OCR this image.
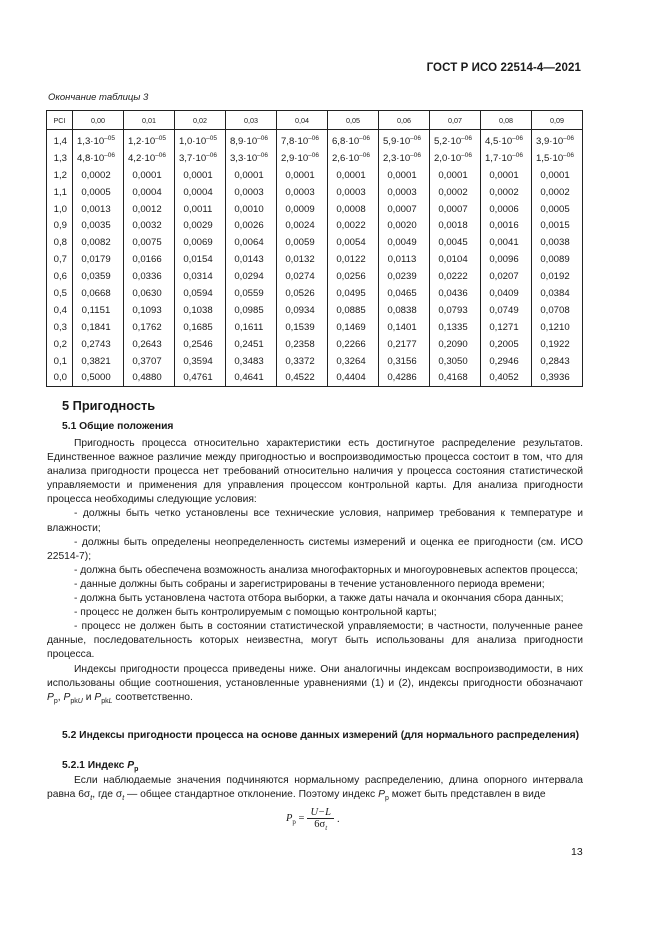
ГОСТ Р ИСО 22514-4—2021
Окончание таблицы 3
PCI	0,00	0,01	0,02	0,03	0,04	0,05	0,06	0,07	0,08	0,09
1,4	$1,3\cdot 10^{-05}$	$1,2\cdot 10^{-05}$	$1,0\cdot 10^{-05}$	$8,9\cdot 10^{-06}$	$7,8\cdot 10^{-06}$	$6,8\cdot 10^{-06}$	$5,9\cdot 10^{-06}$	$5,2\cdot 10^{-06}$	$4,5\cdot 10^{-06}$	$3,9\cdot 10^{-06}$
1,3	$4,8\cdot 10^{-06}$	$4,2\cdot 10^{-06}$	$3,7\cdot 10^{-06}$	$3,3\cdot 10^{-06}$	$2,9\cdot 10^{-06}$	$2,6\cdot 10^{-06}$	$2,3\cdot 10^{-06}$	$2,0\cdot 10^{-06}$	$1,7\cdot 10^{-06}$	$1,5\cdot 10^{-06}$
1,2	0,0002	0,0001	0,0001	0,0001	0,0001	0,0001	0,0001	0,0001	0,0001	0,0001
1,1	0,0005	0,0004	0,0004	0,0003	0,0003	0,0003	0,0003	0,0002	0,0002	0,0002
1,0	0,0013	0,0012	0,0011	0,0010	0,0009	0,0008	0,0007	0,0007	0,0006	0,0005
0,9	0,0035	0,0032	0,0029	0,0026	0,0024	0,0022	0,0020	0,0018	0,0016	0,0015
0,8	0,0082	0,0075	0,0069	0,0064	0,0059	0,0054	0,0049	0,0045	0,0041	0,0038
0,7	0,0179	0,0166	0,0154	0,0143	0,0132	0,0122	0,0113	0,0104	0,0096	0,0089
0,6	0,0359	0,0336	0,0314	0,0294	0,0274	0,0256	0,0239	0,0222	0,0207	0,0192
0,5	0,0668	0,0630	0,0594	0,0559	0,0526	0,0495	0,0465	0,0436	0,0409	0,0384
0,4	0,1151	0,1093	0,1038	0,0985	0,0934	0,0885	0,0838	0,0793	0,0749	0,0708
0,3	0,1841	0,1762	0,1685	0,1611	0,1539	0,1469	0,1401	0,1335	0,1271	0,1210
0,2	0,2743	0,2643	0,2546	0,2451	0,2358	0,2266	0,2177	0,2090	0,2005	0,1922
0,1	0,3821	0,3707	0,3594	0,3483	0,3372	0,3264	0,3156	0,3050	0,2946	0,2843
0,0	0,5000	0,4880	0,4761	0,4641	0,4522	0,4404	0,4286	0,4168	0,4052	0,3936
5 Пригодность
5.1 Общие положения

Пригодность процесса относительно характеристики есть достигнутое распределение результатов. Единственное важное различие между пригодностью и воспроизводимостью процесса состоит в том, что для анализа пригодности процесса нет требований относительно наличия у процесса состояния статистической управляемости и применения для управления процессом контрольной карты. Для анализа пригодности процесса необходимы следующие условия:

- должны быть четко установлены все технические условия, например требования к температуре и влажности;

- должны быть определены неопределенность системы измерений и оценка ее пригодности (см. ИСО 22514-7);

- должна быть обеспечена возможность анализа многофакторных и многоуровневых аспектов процесса;

- данные должны быть собраны и зарегистрированы в течение установленного периода времени;

- должна быть установлена частота отбора выборки, а также даты начала и окончания сбора данных;

- процесс не должен быть контролируемым с помощью контрольной карты;

- процесс не должен быть в состоянии статистической управляемости; в частности, полученные ранее данные, последовательность которых неизвестна, могут быть использованы для анализа пригодности процесса.

Индексы пригодности процесса приведены ниже. Они аналогичны индексам воспроизводимости, в них использованы общие соотношения, установленные уравнениями (1) и (2), индексы пригодности обозначают $P_р$, $P_{рkU}$ и $P_{рkL}$ соответственно.

5.2 Индексы пригодности процесса на основе данных измерений (для нормального распределения)
5.2.1 Индекс $P_р$

Если наблюдаемые значения подчиняются нормальному распределению, длина опорного интервала равна $6\sigma_t$, где $\sigma_t$ — общее стандартное отклонение. Поэтому индекс $P_р$ может быть представлен в виде

$P_р = \frac{U-L}{6\sigma_t}$ .
13
